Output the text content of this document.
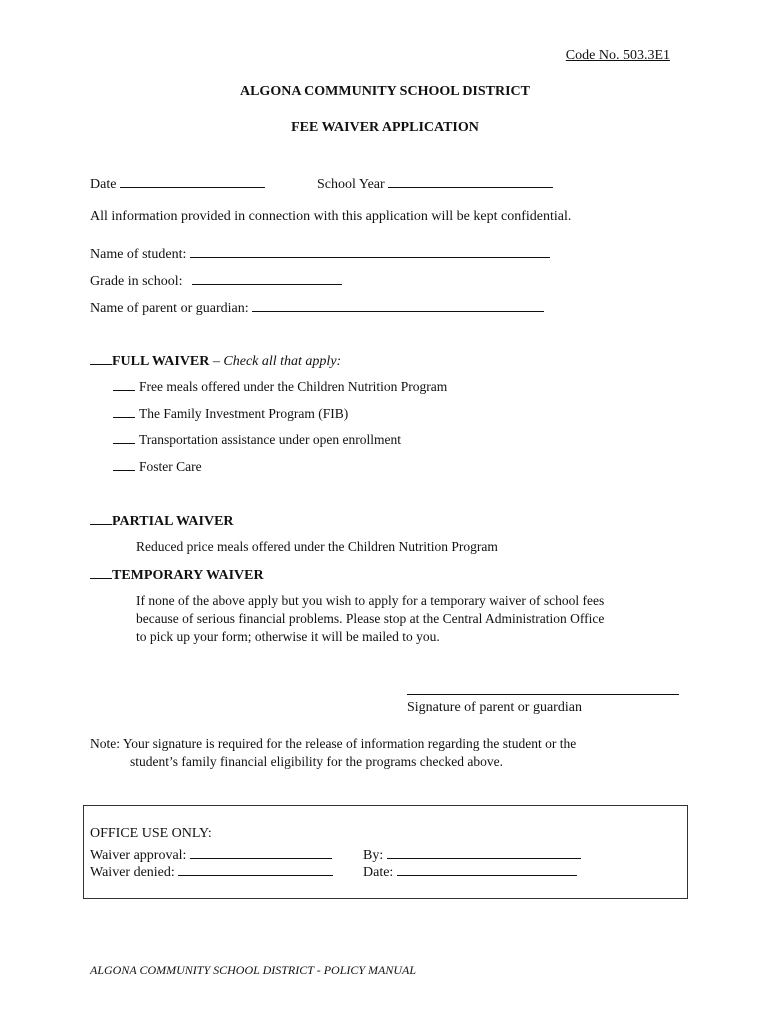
Code No. 503.3E1
ALGONA COMMUNITY SCHOOL DISTRICT
FEE WAIVER APPLICATION
Date	School Year
All information provided in connection with this application will be kept confidential.
Name of student:
Grade in school:
Name of parent or guardian:
FULL WAIVER – Check all that apply:
Free meals offered under the Children Nutrition Program
The Family Investment Program (FIB)
Transportation assistance under open enrollment
Foster Care
PARTIAL WAIVER
Reduced price meals offered under the Children Nutrition Program
TEMPORARY WAIVER
If none of the above apply but you wish to apply for a temporary waiver of school fees
because of serious financial problems. Please stop at the Central Administration Office
to pick up your form; otherwise it will be mailed to you.
Signature of parent or guardian
Note: Your signature is required for the release of information regarding the student or the
student’s family financial eligibility for the programs checked above.
OFFICE USE ONLY:
Waiver approval:
Waiver denied:
By:
Date:
ALGONA COMMUNITY SCHOOL DISTRICT - POLICY MANUAL
